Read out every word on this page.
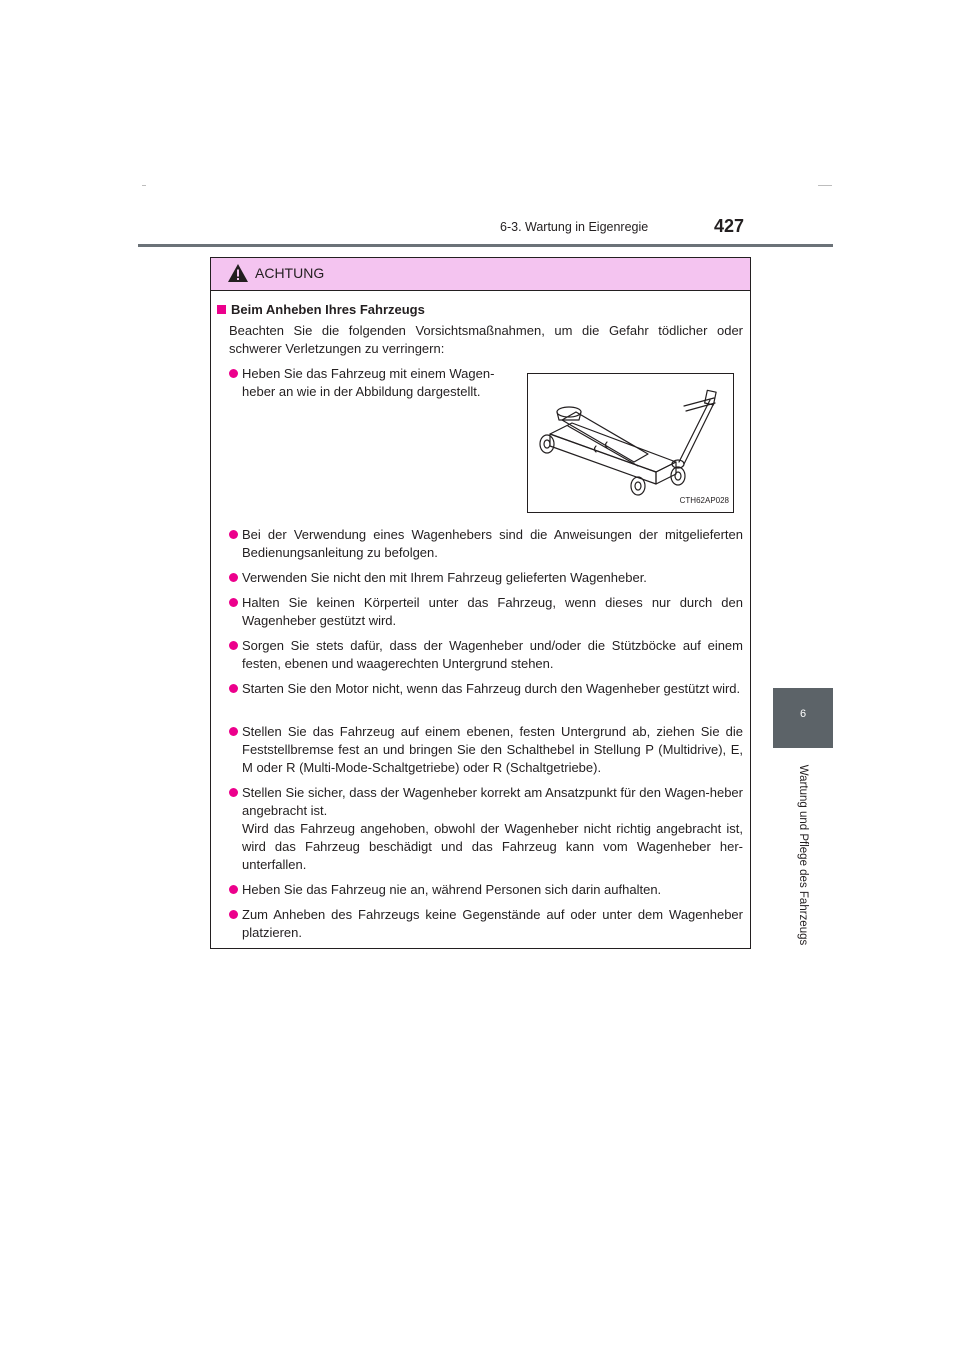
6-3. Wartung in Eigenregie	427
6
Wartung und Pflege des Fahrzeugs
ACHTUNG
Beim Anheben Ihres Fahrzeugs

Beachten Sie die folgenden Vorsichtsmaßnahmen, um die Gefahr tödlicher oder schwerer Verletzungen zu verringern:

Heben Sie das Fahrzeug mit einem Wagen-heber an wie in der Abbildung dargestellt.

CTH62AP028

Bei der Verwendung eines Wagenhebers sind die Anweisungen der mitgelieferten Bedienungsanleitung zu befolgen.

Verwenden Sie nicht den mit Ihrem Fahrzeug gelieferten Wagenheber.

Halten Sie keinen Körperteil unter das Fahrzeug, wenn dieses nur durch den Wagenheber gestützt wird.

Sorgen Sie stets dafür, dass der Wagenheber und/oder die Stützböcke auf einem festen, ebenen und waagerechten Untergrund stehen.

Starten Sie den Motor nicht, wenn das Fahrzeug durch den Wagenheber gestützt wird.

Stellen Sie das Fahrzeug auf einem ebenen, festen Untergrund ab, ziehen Sie die Feststellbremse fest an und bringen Sie den Schalthebel in Stellung P (Multidrive), E, M oder R (Multi-Mode-Schaltgetriebe) oder R (Schaltgetriebe).

Stellen Sie sicher, dass der Wagenheber korrekt am Ansatzpunkt für den Wagen-heber angebracht ist.
Wird das Fahrzeug angehoben, obwohl der Wagenheber nicht richtig angebracht ist, wird das Fahrzeug beschädigt und das Fahrzeug kann vom Wagenheber her-unterfallen.

Heben Sie das Fahrzeug nie an, während Personen sich darin aufhalten.

Zum Anheben des Fahrzeugs keine Gegenstände auf oder unter dem Wagenheber platzieren.
